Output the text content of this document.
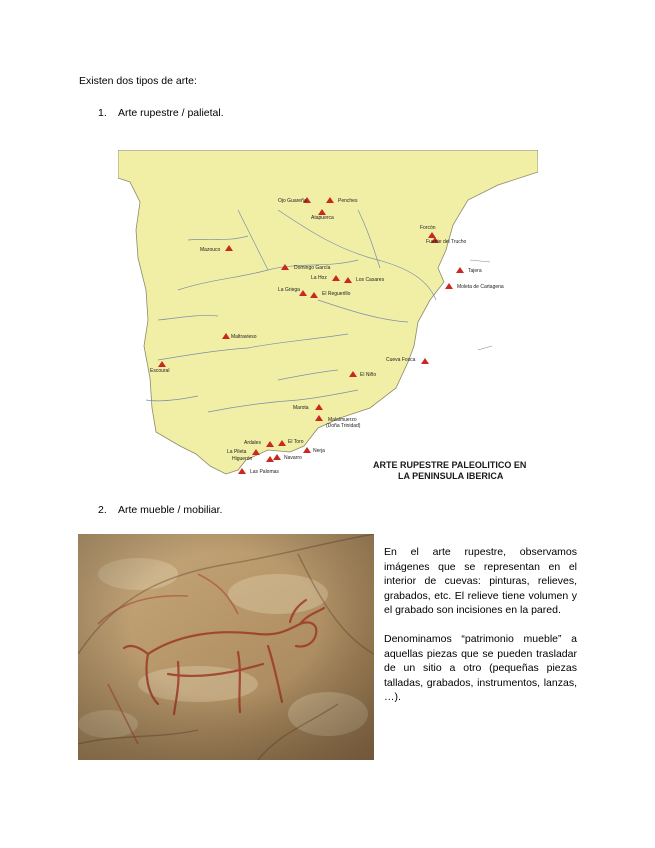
Existen dos tipos de arte:
1. Arte rupestre / palietal.
Ojo Guareña	Penches
Atapuerca
Forcón
Fuente del Trucho
Mazouco
Domingo García
La Hoz	Los Casares
La Griega
El Reguerillo
Tajera
Moleta de Cartagena
Maltravieso
Escoural
Cueva Fosca
El Niño
Marota
Malalmuerzo
(Doña Trinidad)
Ardales	El Toro
Nerja
La Pileta
Higuerón	Navarro
Las Palomas
ARTE RUPESTRE PALEOLITICO EN
LA PENINSULA IBERICA
2. Arte mueble / mobiliar.

En el arte rupestre, observamos imágenes que se representan en el interior de cuevas: pinturas, relieves, grabados, etc. El relieve tiene volumen y el grabado son incisiones en la pared.

Denominamos “patrimonio mueble” a aquellas piezas que se pueden trasladar de un sitio a otro (pequeñas piezas talladas, grabados, instrumentos, lanzas, …).
